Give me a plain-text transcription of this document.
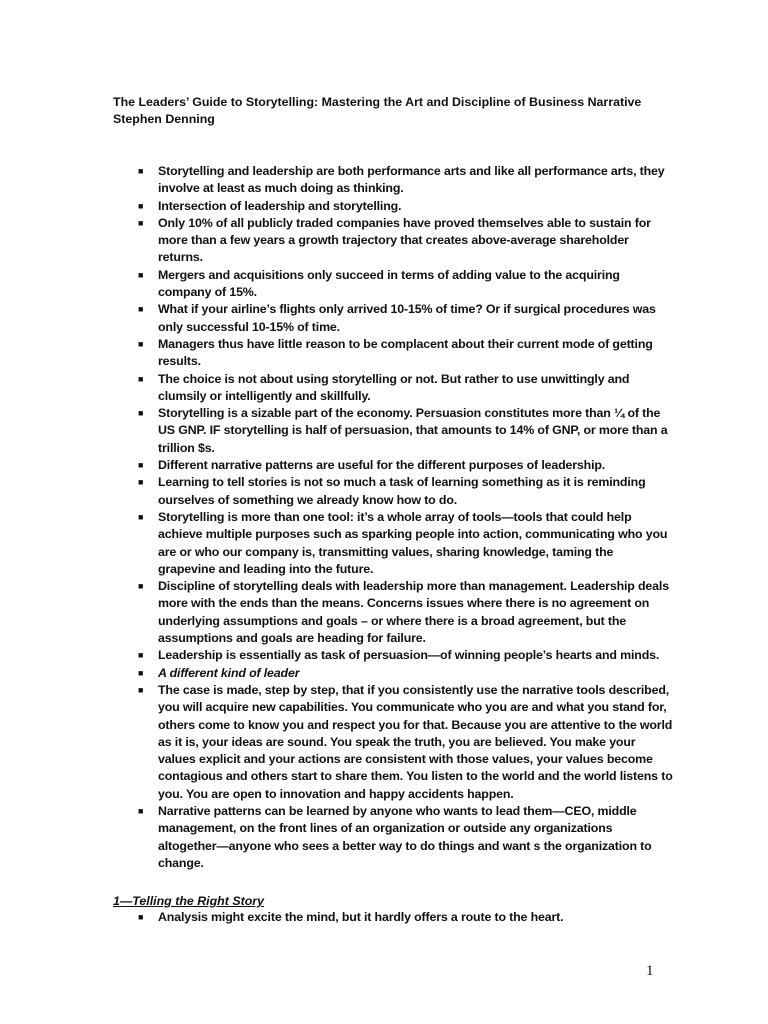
The Leaders’ Guide to Storytelling: Mastering the Art and Discipline of Business Narrative
Stephen Denning
■ Storytelling and leadership are both performance arts and like all performance arts, they involve at least as much doing as thinking.
■ Intersection of leadership and storytelling.
■ Only 10% of all publicly traded companies have proved themselves able to sustain for more than a few years a growth trajectory that creates above-average shareholder returns.
■ Mergers and acquisitions only succeed in terms of adding value to the acquiring company of 15%.
■ What if your airline’s flights only arrived 10-15% of time? Or if surgical procedures was only successful 10-15% of time.
■ Managers thus have little reason to be complacent about their current mode of getting results.
■ The choice is not about using storytelling or not. But rather to use unwittingly and clumsily or intelligently and skillfully.
■ Storytelling is a sizable part of the economy. Persuasion constitutes more than ¼ of the US GNP. IF storytelling is half of persuasion, that amounts to 14% of GNP, or more than a trillion $s.
■ Different narrative patterns are useful for the different purposes of leadership.
■ Learning to tell stories is not so much a task of learning something as it is reminding ourselves of something we already know how to do.
■ Storytelling is more than one tool: it’s a whole array of tools—tools that could help achieve multiple purposes such as sparking people into action, communicating who you are or who our company is, transmitting values, sharing knowledge, taming the grapevine and leading into the future.
■ Discipline of storytelling deals with leadership more than management. Leadership deals more with the ends than the means. Concerns issues where there is no agreement on underlying assumptions and goals – or where there is a broad agreement, but the assumptions and goals are heading for failure.
■ Leadership is essentially as task of persuasion—of winning people’s hearts and minds.
■ A different kind of leader
■ The case is made, step by step, that if you consistently use the narrative tools described, you will acquire new capabilities. You communicate who you are and what you stand for, others come to know you and respect you for that. Because you are attentive to the world as it is, your ideas are sound. You speak the truth, you are believed. You make your values explicit and your actions are consistent with those values, your values become contagious and others start to share them. You listen to the world and the world listens to you. You are open to innovation and happy accidents happen.
■ Narrative patterns can be learned by anyone who wants to lead them—CEO, middle management, on the front lines of an organization or outside any organizations altogether—anyone who sees a better way to do things and want s the organization to change.
1—Telling the Right Story
■ Analysis might excite the mind, but it hardly offers a route to the heart.
1
